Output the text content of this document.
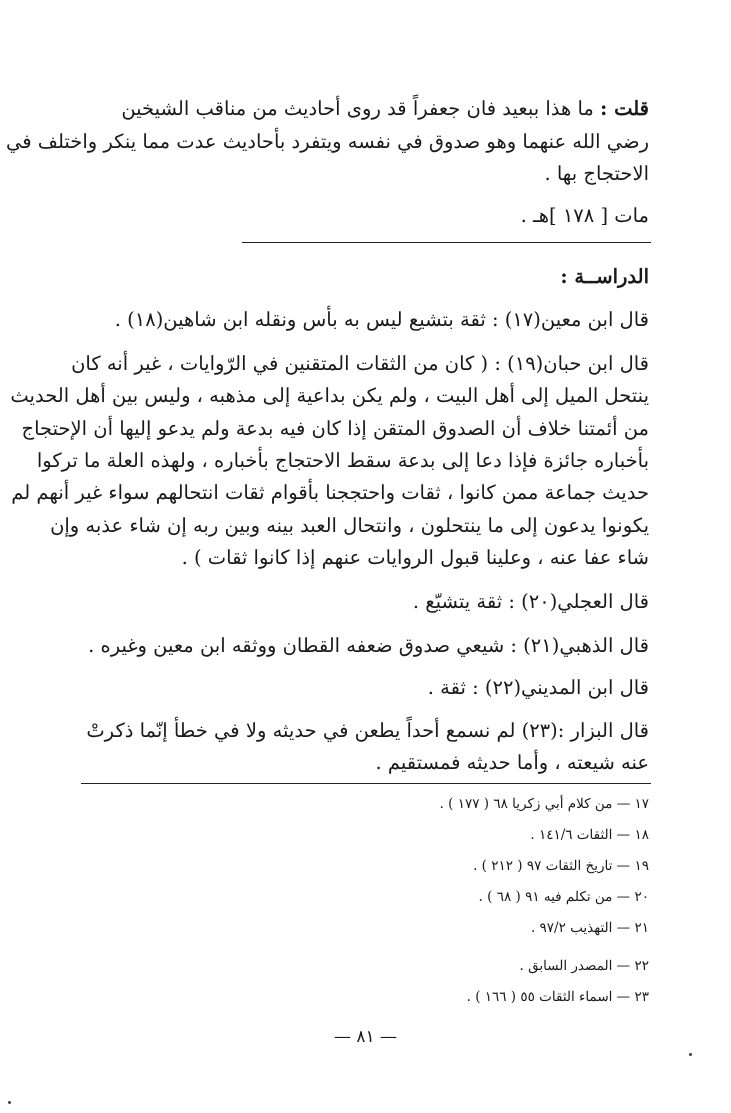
قلت : ما هذا ببعيد فان جعفراً قد روى أحاديث من مناقب الشيخين
رضي الله عنهما وهو صدوق في نفسه ويتفرد بأحاديث عدت مما ينكر واختلف في
الاحتجاج بها .
مات [ ١٧٨ ]هـ .
الدراســة :
قال ابن معين(١٧) : ثقة بتشيع ليس به بأس ونقله ابن شاهين(١٨) .
قال ابن حبان(١٩) : ( كان من الثقات المتقنين في الرّوايات ، غير أنه كان
ينتحل الميل إلى أهل البيت ، ولم يكن بداعية إلى مذهبه ، وليس بين أهل الحديث
من أئمتنا خلاف أن الصدوق المتقن إذا كان فيه بدعة ولم يدعو إليها أن الإحتجاج
بأخباره جائزة فإذا دعا إلى بدعة سقط الاحتجاج بأخباره ، ولهذه العلة ما تركوا
حديث جماعة ممن كانوا ، ثقات واحتججنا بأقوام ثقات انتحالهم سواء غير أنهم لم
يكونوا يدعون إلى ما ينتحلون ، وانتحال العبد بينه وبين ربه إن شاء عذبه وإن
شاء عفا عنه ، وعلينا قبول الروايات عنهم إذا كانوا ثقات ) .
قال العجلي(٢٠) : ثقة يتشيّع .
قال الذهبي(٢١) : شيعي صدوق ضعفه القطان ووثقه ابن معين وغيره .
قال ابن المديني(٢٢) : ثقة .
قال البزار :(٢٣) لم نسمع أحداً يطعن في حديثه ولا في خطأ إنّما ذكرتْ
عنه شيعته ، وأما حديثه فمستقيم .
١٧ — من كلام أبي زكريا ٦٨ ( ١٧٧ ) .
١٨ — الثقات ١٤١/٦ .
١٩ — تاريخ الثقات ٩٧ ( ٢١٢ ) .
٢٠ — من تكلم فيه ٩١ ( ٦٨ ) .
٢١ — التهذيب ٩٧/٢ .
٢٢ — المصدر السابق .
٢٣ — اسماء الثقات ٥٥ ( ١٦٦ ) .
— ٨١ —
